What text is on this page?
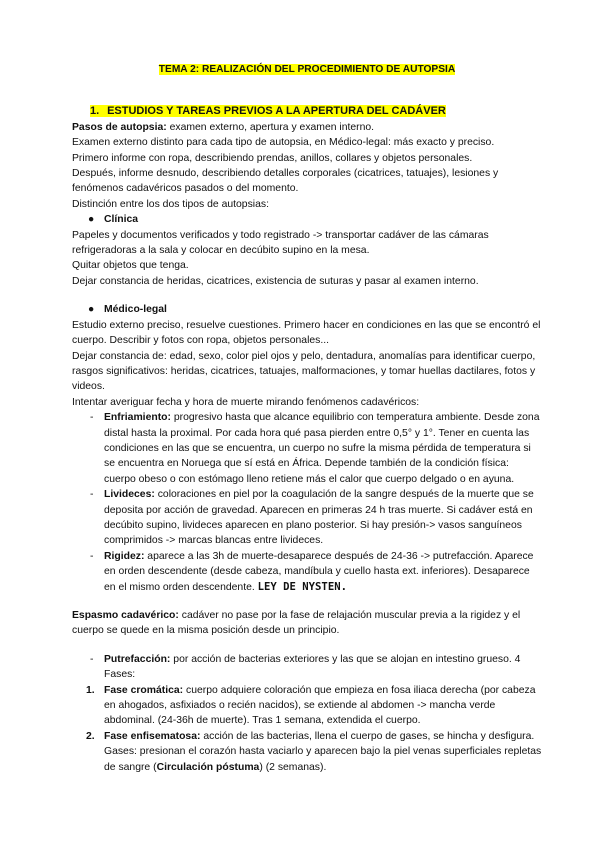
TEMA 2: REALIZACIÓN DEL PROCEDIMIENTO DE AUTOPSIA

1. ESTUDIOS Y TAREAS PREVIOS A LA APERTURA DEL CADÁVER

Pasos de autopsia: examen externo, apertura y examen interno.

Examen externo distinto para cada tipo de autopsia, en Médico-legal: más exacto y preciso.

Primero informe con ropa, describiendo prendas, anillos, collares y objetos personales.

Después, informe desnudo, describiendo detalles corporales (cicatrices, tatuajes), lesiones y fenómenos cadavéricos pasados o del momento.

Distinción entre los dos tipos de autopsias:

● Clínica

Papeles y documentos verificados y todo registrado -> transportar cadáver de las cámaras refrigeradoras a la sala y colocar en decúbito supino en la mesa.

Quitar objetos que tenga.

Dejar constancia de heridas, cicatrices, existencia de suturas y pasar al examen interno.

● Médico-legal

Estudio externo preciso, resuelve cuestiones. Primero hacer en condiciones en las que se encontró el cuerpo. Describir y fotos con ropa, objetos personales...

Dejar constancia de: edad, sexo, color piel ojos y pelo, dentadura, anomalías para identificar cuerpo, rasgos significativos: heridas, cicatrices, tatuajes, malformaciones, y tomar huellas dactilares, fotos y videos.

Intentar averiguar fecha y hora de muerte mirando fenómenos cadavéricos:

- Enfriamiento: progresivo hasta que alcance equilibrio con temperatura ambiente. Desde zona distal hasta la proximal. Por cada hora qué pasa pierden entre 0,5° y 1°. Tener en cuenta las condiciones en las que se encuentra, un cuerpo no sufre la misma pérdida de temperatura si se encuentra en Noruega que sí está en África. Depende también de la condición física: cuerpo obeso o con estómago lleno retiene más el calor que cuerpo delgado o en ayuna.

- Livideces: coloraciones en piel por la coagulación de la sangre después de la muerte que se deposita por acción de gravedad. Aparecen en primeras 24 h tras muerte. Si cadáver está en decúbito supino, livideces aparecen en plano posterior. Si hay presión-> vasos sanguíneos comprimidos -> marcas blancas entre livideces.

- Rigidez: aparece a las 3h de muerte-desaparece después de 24-36 -> putrefacción. Aparece en orden descendente (desde cabeza, mandíbula y cuello hasta ext. inferiores). Desaparece en el mismo orden descendente. LEY DE NYSTEN.

Espasmo cadavérico: cadáver no pase por la fase de relajación muscular previa a la rigidez y el cuerpo se quede en la misma posición desde un principio.

- Putrefacción: por acción de bacterias exteriores y las que se alojan en intestino grueso. 4 Fases:

1. Fase cromática: cuerpo adquiere coloración que empieza en fosa iliaca derecha (por cabeza en ahogados, asfixiados o recién nacidos), se extiende al abdomen -> mancha verde abdominal. (24-36h de muerte). Tras 1 semana, extendida el cuerpo.

2. Fase enfisematosa: acción de las bacterias, llena el cuerpo de gases, se hincha y desfigura. Gases: presionan el corazón hasta vaciarlo y aparecen bajo la piel venas superficiales repletas de sangre (Circulación póstuma) (2 semanas).
